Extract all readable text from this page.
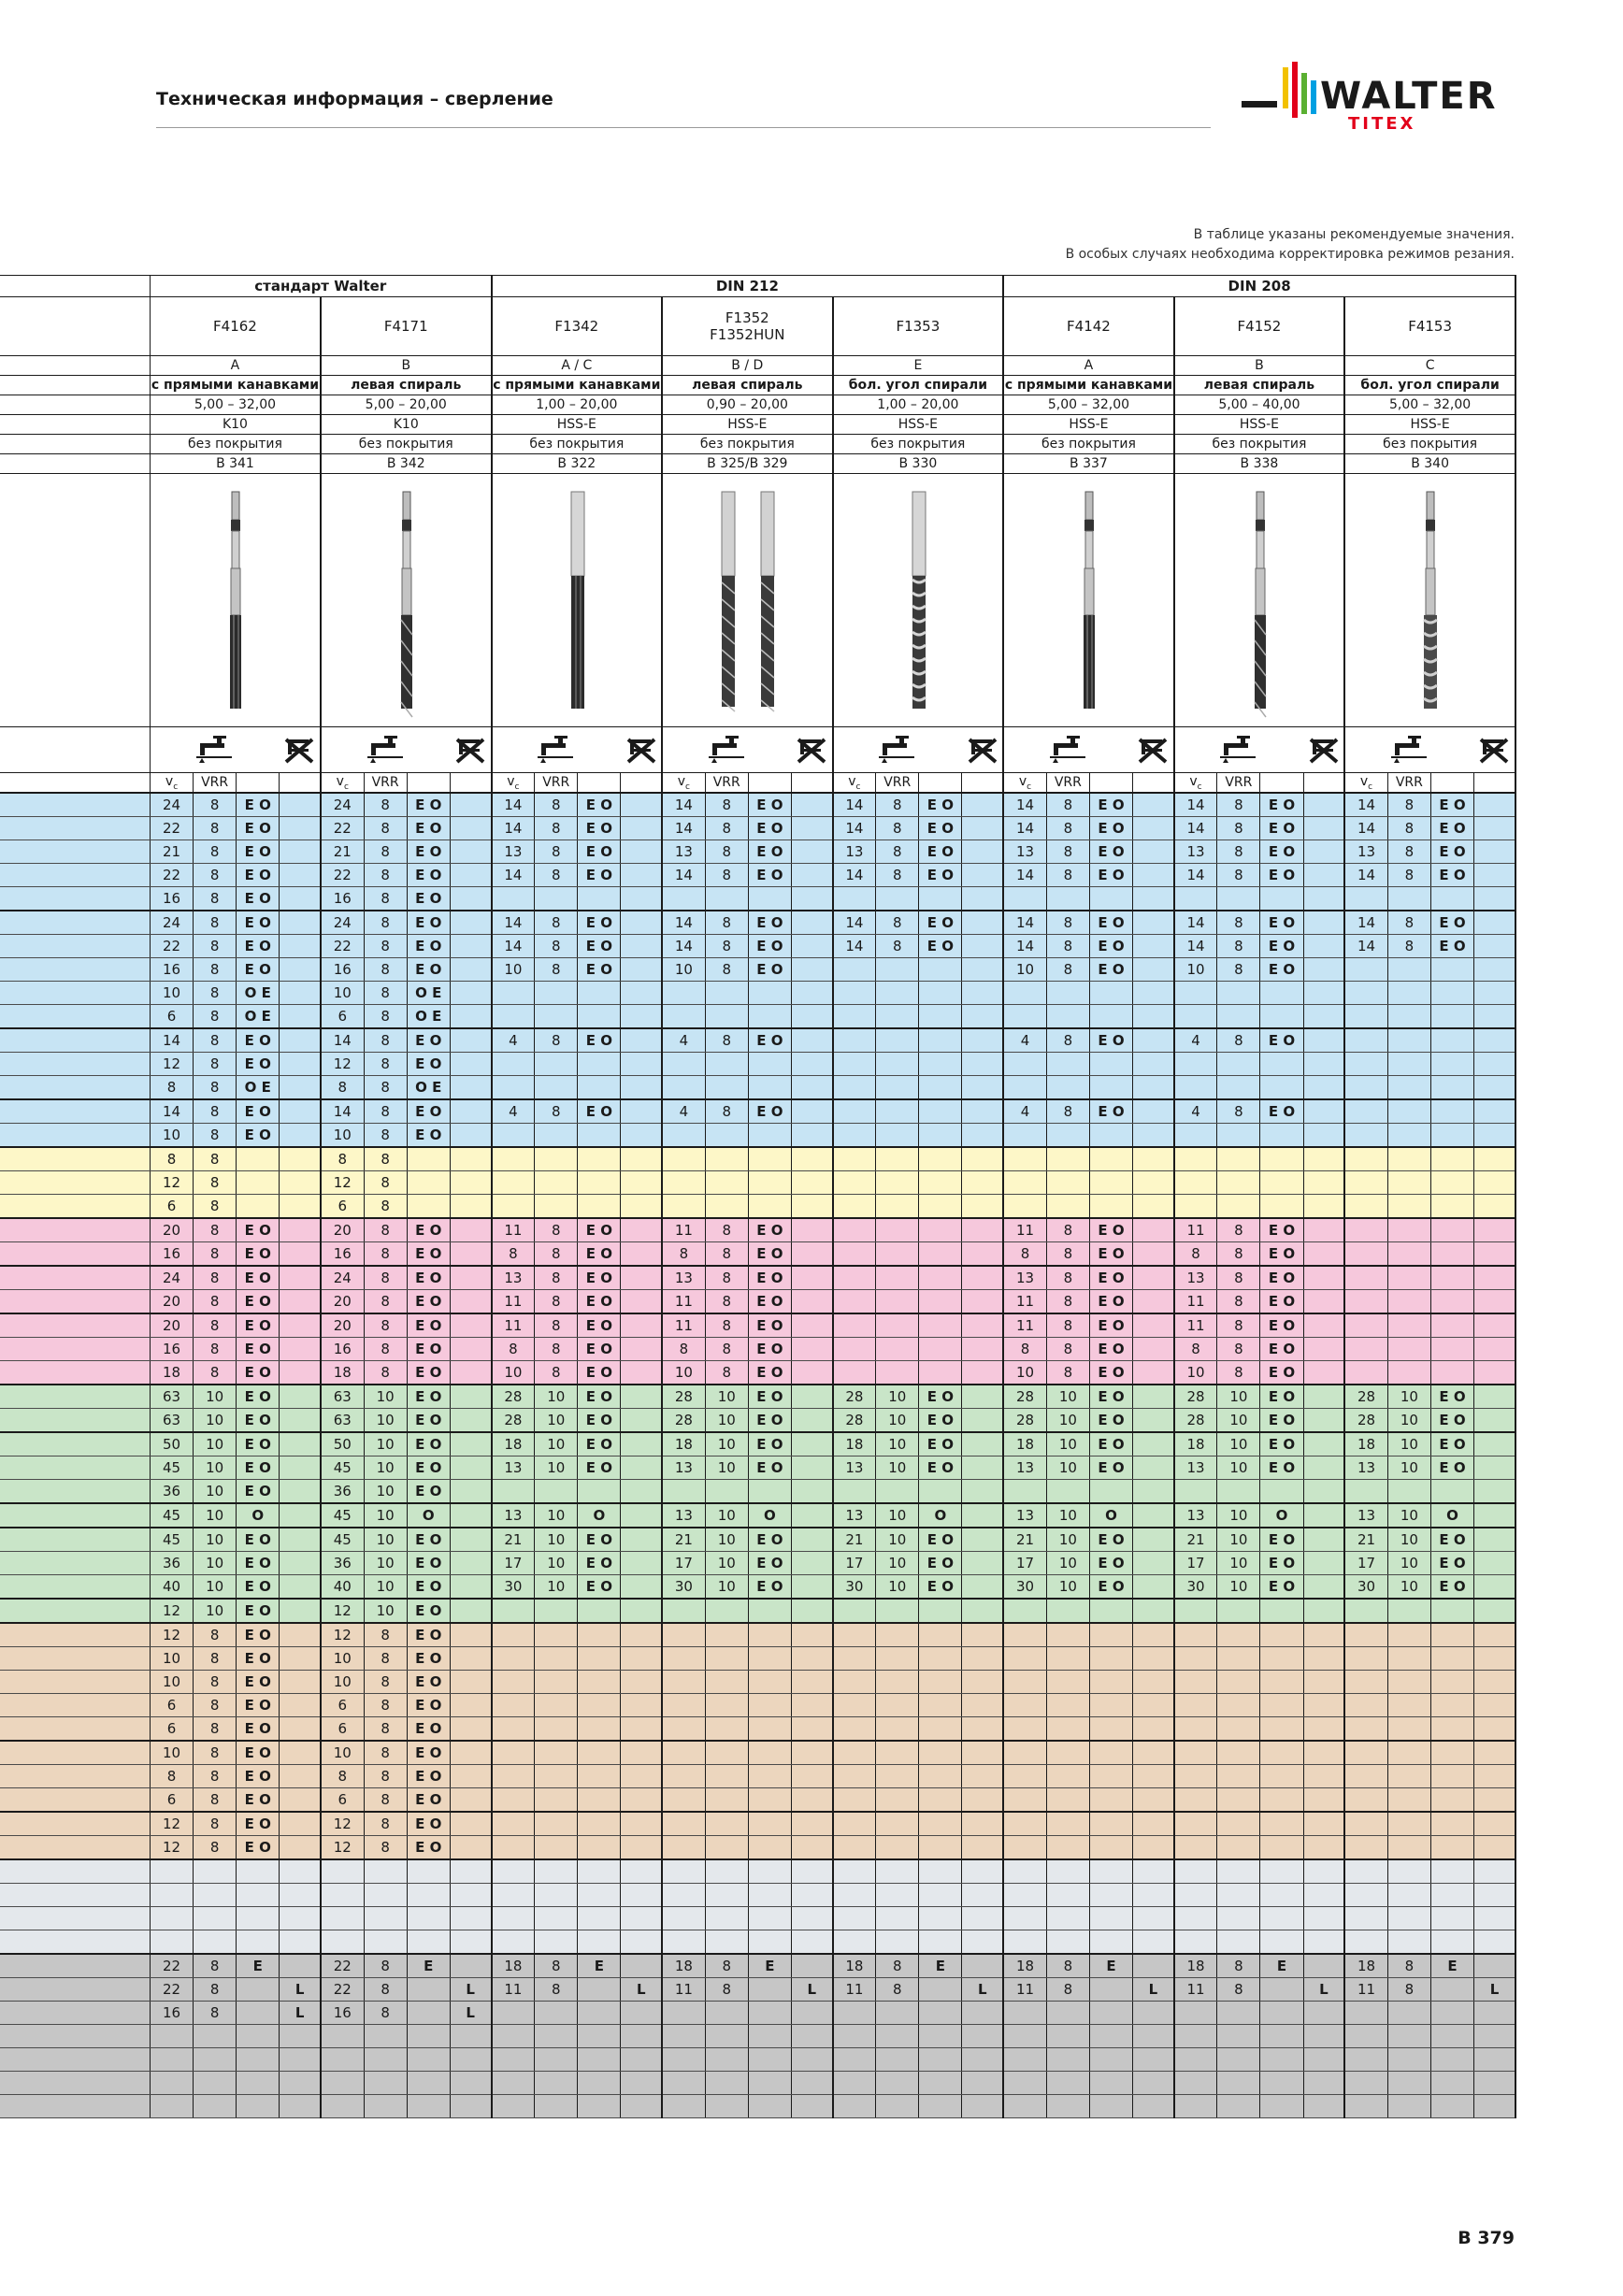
Техническая информация – сверление	WALTER
TITEX
В таблице указаны рекомендуемые значения.
В особых случаях необходима корректировка режимов резания.
	стандарт Walter								DIN 212												DIN 208											

	F4162				F4171				F1342				F1352
F1352HUN				F1353				F4142				F4152				F4153			

	A				B				A / C				B / D				E				A				B				C			
	с прямыми канавками				левая спираль				с прямыми канавками				левая спираль				бол. угол спирали				с прямыми канавками				левая спираль				бол. угол спирали			
	5,00 – 32,00				5,00 – 20,00				1,00 – 20,00				0,90 – 20,00				1,00 – 20,00				5,00 – 32,00				5,00 – 40,00				5,00 – 32,00			
	K10				K10				HSS-E				HSS-E				HSS-E				HSS-E				HSS-E				HSS-E			
	без покрытия				без покрытия				без покрытия				без покрытия				без покрытия				без покрытия				без покрытия				без покрытия			
	B 341				B 342				B 322				B 325/B 329				B 330				B 337				B 338				B 340			

	$v_c$	VRR			$v_c$	VRR			$v_c$	VRR			$v_c$	VRR			$v_c$	VRR			$v_c$	VRR			$v_c$	VRR			$v_c$	VRR		
	24	8	E O		24	8	E O		14	8	E O		14	8	E O		14	8	E O		14	8	E O		14	8	E O		14	8	E O	
	22	8	E O		22	8	E O		14	8	E O		14	8	E O		14	8	E O		14	8	E O		14	8	E O		14	8	E O	
	21	8	E O		21	8	E O		13	8	E O		13	8	E O		13	8	E O		13	8	E O		13	8	E O		13	8	E O	
	22	8	E O		22	8	E O		14	8	E O		14	8	E O		14	8	E O		14	8	E O		14	8	E O		14	8	E O	
	16	8	E O		16	8	E O																									
	24	8	E O		24	8	E O		14	8	E O		14	8	E O		14	8	E O		14	8	E O		14	8	E O		14	8	E O	
	22	8	E O		22	8	E O		14	8	E O		14	8	E O		14	8	E O		14	8	E O		14	8	E O		14	8	E O	
	16	8	E O		16	8	E O		10	8	E O		10	8	E O						10	8	E O		10	8	E O					
	10	8	O E		10	8	O E																									
	6	8	O E		6	8	O E																									
	14	8	E O		14	8	E O		4	8	E O		4	8	E O						4	8	E O		4	8	E O					
	12	8	E O		12	8	E O																									
	8	8	O E		8	8	O E																									
	14	8	E O		14	8	E O		4	8	E O		4	8	E O						4	8	E O		4	8	E O					
	10	8	E O		10	8	E O																									
	8	8			8	8																										
	12	8			12	8																										
	6	8			6	8																										
	20	8	E O		20	8	E O		11	8	E O		11	8	E O						11	8	E O		11	8	E O					
	16	8	E O		16	8	E O		8	8	E O		8	8	E O						8	8	E O		8	8	E O					
	24	8	E O		24	8	E O		13	8	E O		13	8	E O						13	8	E O		13	8	E O					
	20	8	E O		20	8	E O		11	8	E O		11	8	E O						11	8	E O		11	8	E O					
	20	8	E O		20	8	E O		11	8	E O		11	8	E O						11	8	E O		11	8	E O					
	16	8	E O		16	8	E O		8	8	E O		8	8	E O						8	8	E O		8	8	E O					
	18	8	E O		18	8	E O		10	8	E O		10	8	E O						10	8	E O		10	8	E O					
	63	10	E O		63	10	E O		28	10	E O		28	10	E O		28	10	E O		28	10	E O		28	10	E O		28	10	E O	
	63	10	E O		63	10	E O		28	10	E O		28	10	E O		28	10	E O		28	10	E O		28	10	E O		28	10	E O	
	50	10	E O		50	10	E O		18	10	E O		18	10	E O		18	10	E O		18	10	E O		18	10	E O		18	10	E O	
	45	10	E O		45	10	E O		13	10	E O		13	10	E O		13	10	E O		13	10	E O		13	10	E O		13	10	E O	
	36	10	E O		36	10	E O																									
	45	10	O		45	10	O		13	10	O		13	10	O		13	10	O		13	10	O		13	10	O		13	10	O	
	45	10	E O		45	10	E O		21	10	E O		21	10	E O		21	10	E O		21	10	E O		21	10	E O		21	10	E O	
	36	10	E O		36	10	E O		17	10	E O		17	10	E O		17	10	E O		17	10	E O		17	10	E O		17	10	E O	
	40	10	E O		40	10	E O		30	10	E O		30	10	E O		30	10	E O		30	10	E O		30	10	E O		30	10	E O	
	12	10	E O		12	10	E O																									
	12	8	E O		12	8	E O																									
	10	8	E O		10	8	E O																									
	10	8	E O		10	8	E O																									
	6	8	E O		6	8	E O																									
	6	8	E O		6	8	E O																									
	10	8	E O		10	8	E O																									
	8	8	E O		8	8	E O																									
	6	8	E O		6	8	E O																									
	12	8	E O		12	8	E O																									
	12	8	E O		12	8	E O																									

	22	8	E		22	8	E		18	8	E		18	8	E		18	8	E		18	8	E		18	8	E		18	8	E	
	22	8		L	22	8		L	11	8		L	11	8		L	11	8		L	11	8		L	11	8		L	11	8		L
	16	8		L	16	8		L																								

B 379
